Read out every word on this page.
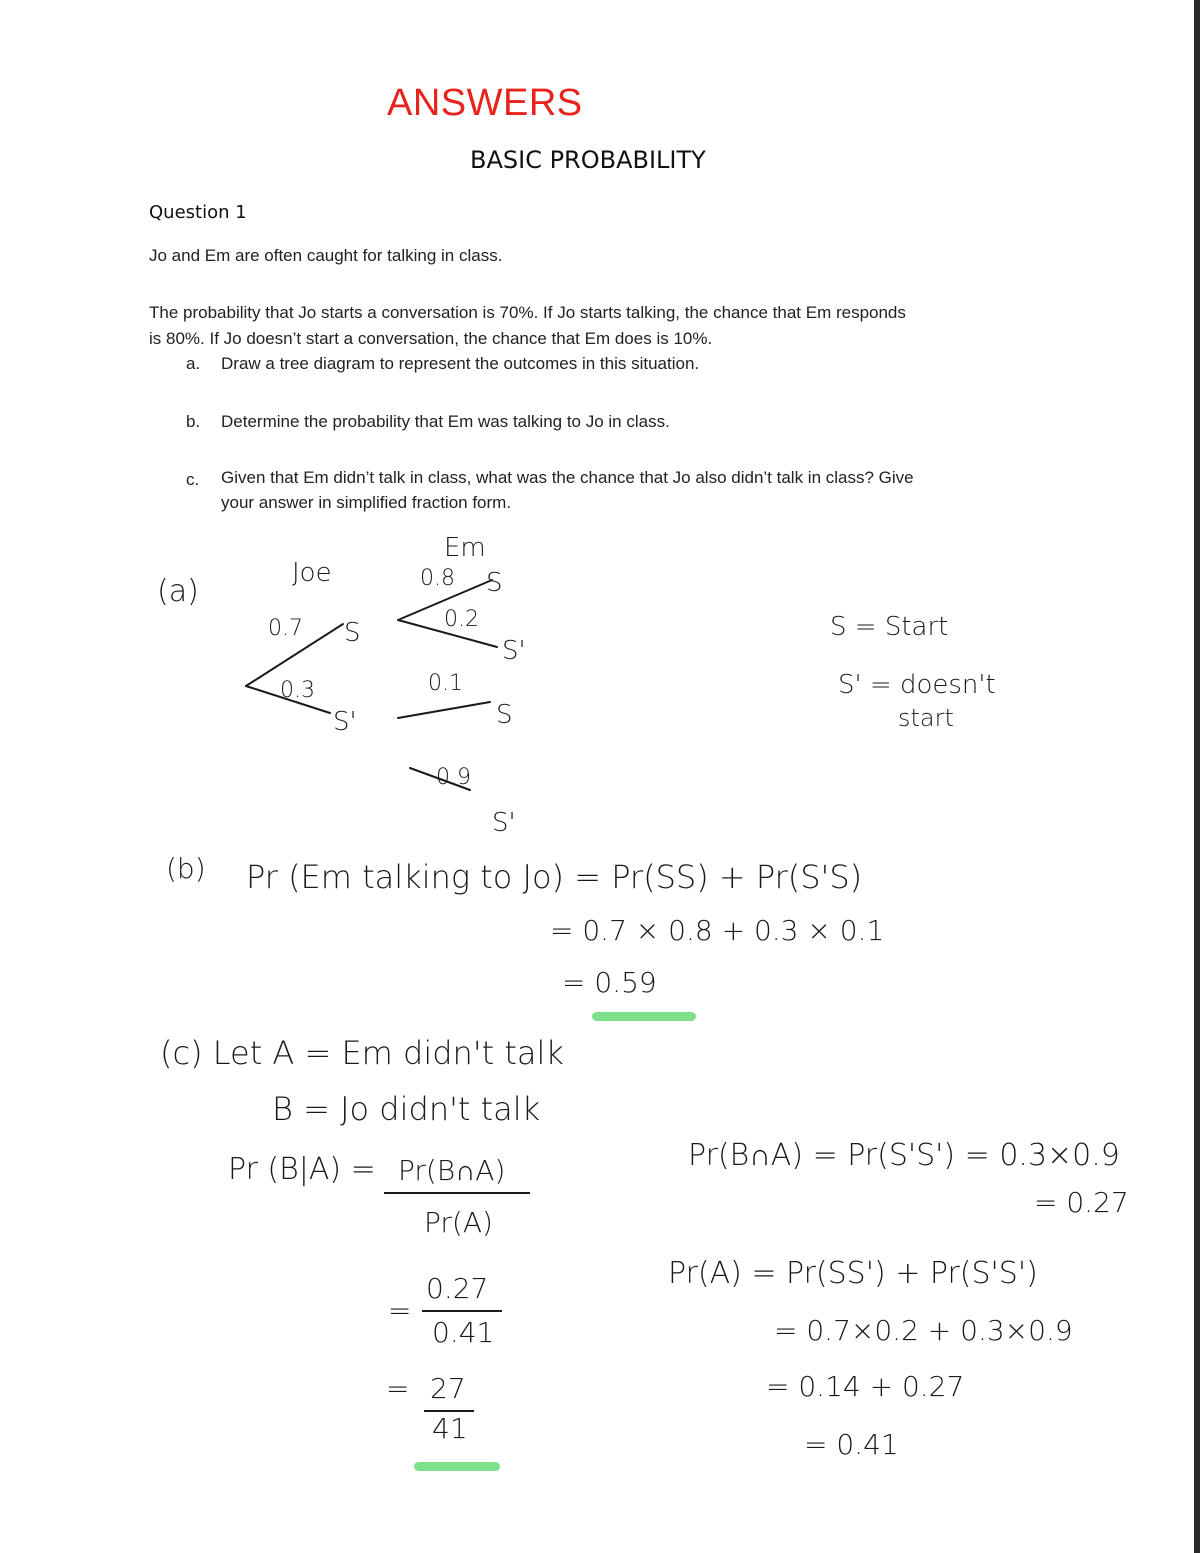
ANSWERS
BASIC PROBABILITY
Question 1
Jo and Em are often caught for talking in class.
The probability that Jo starts a conversation is 70%. If Jo starts talking, the chance that Em responds
is 80%. If Jo doesn’t start a conversation, the chance that Em does is 10%.
a. Draw a tree diagram to represent the outcomes in this situation.
b. Determine the probability that Em was talking to Jo in class.
c. Given that Em didn’t talk in class, what was the chance that Jo also didn’t talk in class? Give
your answer in simplified fraction form.
(a)
Joe
Em
0.7 S
0.3
S'
0.8 S
0.2
S'
0.1
S
0.9
S'
S = Start
S' = doesn't
start
(b) Pr (Em talking to Jo) = Pr(SS) + Pr(S'S)
= 0.7 × 0.8 + 0.3 × 0.1
= 0.59
(c) Let A = Em didn't talk
B = Jo didn't talk
Pr (B|A) = Pr(B∩A)
Pr(A)
=
0.27
0.41
= 27
41
Pr(B∩A) = Pr(S'S') = 0.3×0.9
= 0.27
Pr(A) = Pr(SS') + Pr(S'S')
= 0.7×0.2 + 0.3×0.9
= 0.14 + 0.27
= 0.41
